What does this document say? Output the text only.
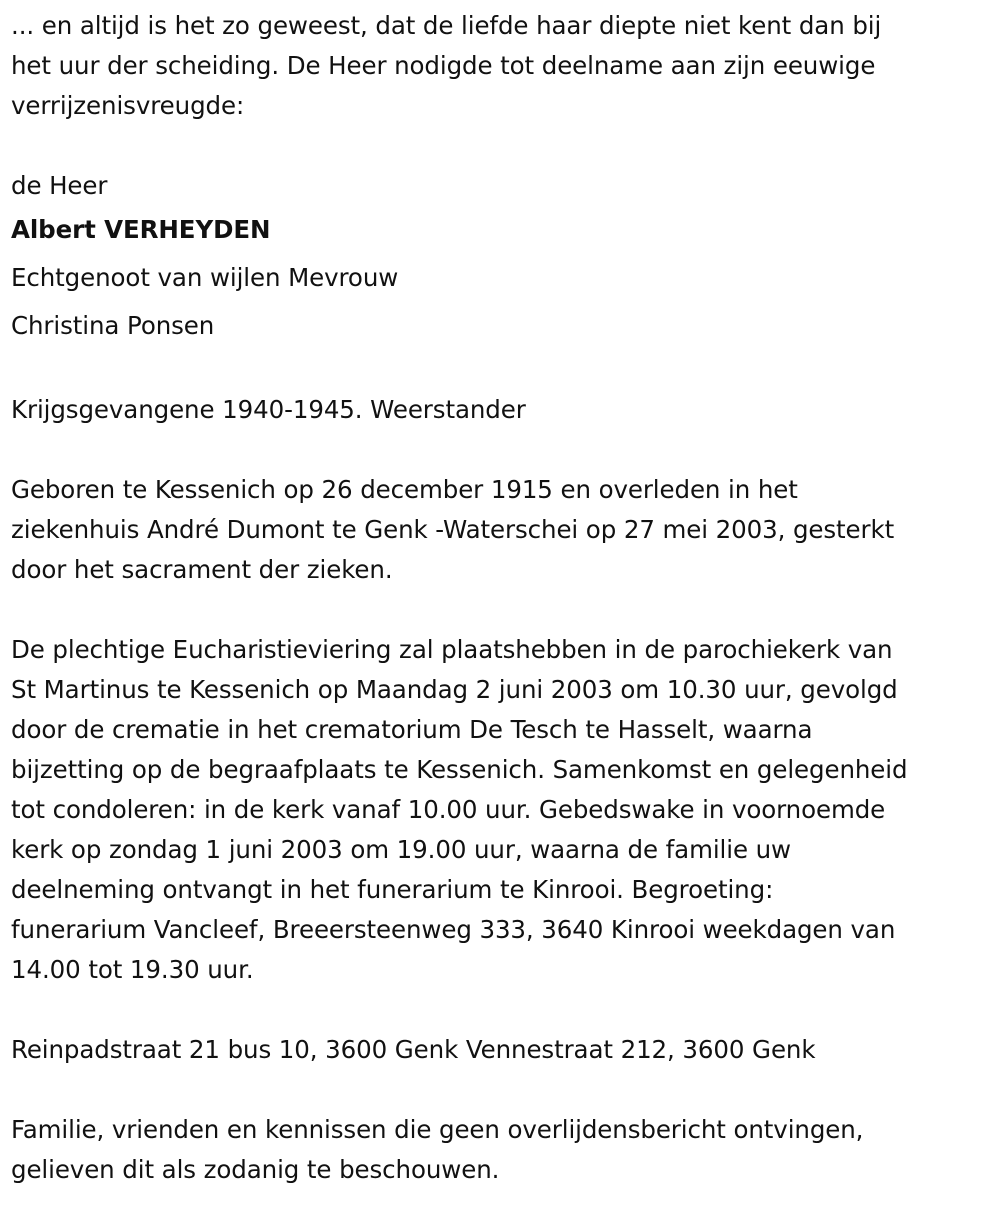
... en altijd is het zo geweest, dat de liefde haar diepte niet kent dan bij
het uur der scheiding. De Heer nodigde tot deelname aan zijn eeuwige
verrijzenisvreugde:

de Heer

Albert VERHEYDEN

Echtgenoot van wijlen Mevrouw

Christina Ponsen

Krijgsgevangene 1940-1945. Weerstander

Geboren te Kessenich op 26 december 1915 en overleden in het
ziekenhuis André Dumont te Genk -Waterschei op 27 mei 2003, gesterkt
door het sacrament der zieken.

De plechtige Eucharistieviering zal plaatshebben in de parochiekerk van
St Martinus te Kessenich op Maandag 2 juni 2003 om 10.30 uur, gevolgd
door de crematie in het crematorium De Tesch te Hasselt, waarna
bijzetting op de begraafplaats te Kessenich. Samenkomst en gelegenheid
tot condoleren: in de kerk vanaf 10.00 uur. Gebedswake in voornoemde
kerk op zondag 1 juni 2003 om 19.00 uur, waarna de familie uw
deelneming ontvangt in het funerarium te Kinrooi. Begroeting:
funerarium Vancleef, Breeersteenweg 333, 3640 Kinrooi weekdagen van
14.00 tot 19.30 uur.

Reinpadstraat 21 bus 10, 3600 Genk Vennestraat 212, 3600 Genk

Familie, vrienden en kennissen die geen overlijdensbericht ontvingen,
gelieven dit als zodanig te beschouwen.
